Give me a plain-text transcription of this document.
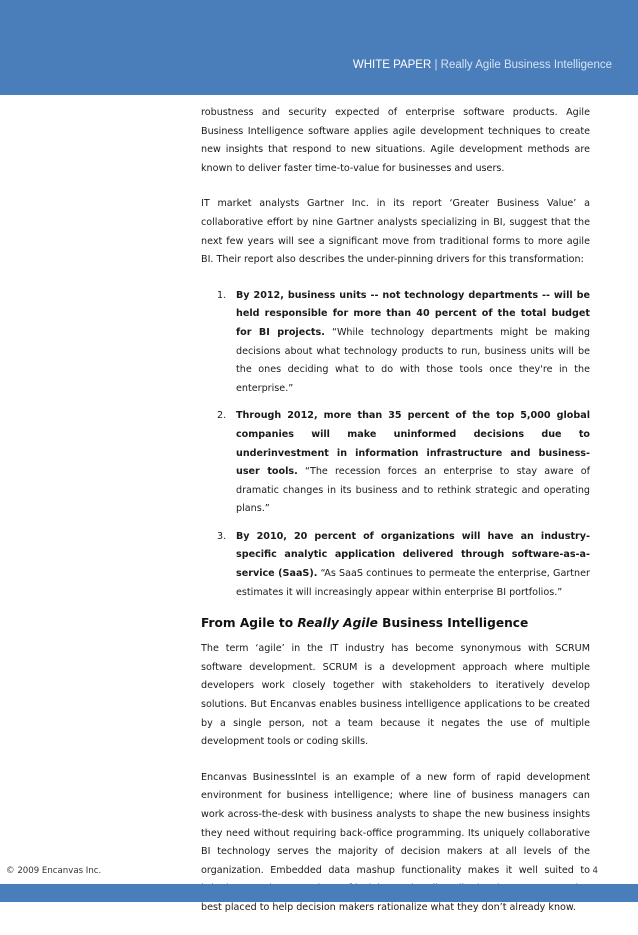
WHITE PAPER | Really Agile Business Intelligence

robustness and security expected of enterprise software products. Agile Business Intelligence software applies agile development techniques to create new insights that respond to new situations. Agile development methods are known to deliver faster time-to-value for businesses and users.

IT market analysts Gartner Inc. in its report ‘Greater Business Value’ a collaborative effort by nine Gartner analysts specializing in BI, suggest that the next few years will see a significant move from traditional forms to more agile BI. Their report also describes the under-pinning drivers for this transformation:

1. By 2012, business units -- not technology departments -- will be held responsible for more than 40 percent of the total budget for BI projects. “While technology departments might be making decisions about what technology products to run, business units will be the ones deciding what to do with those tools once they're in the enterprise.”
2. Through 2012, more than 35 percent of the top 5,000 global companies will make uninformed decisions due to underinvestment in information infrastructure and business-user tools. “The recession forces an enterprise to stay aware of dramatic changes in its business and to rethink strategic and operating plans.”
3. By 2010, 20 percent of organizations will have an industry-specific analytic application delivered through software-as-a-service (SaaS). “As SaaS continues to permeate the enterprise, Gartner estimates it will increasingly appear within enterprise BI portfolios.”
From Agile to Really Agile Business Intelligence

The term ‘agile’ in the IT industry has become synonymous with SCRUM software development. SCRUM is a development approach where multiple developers work closely together with stakeholders to iteratively develop solutions. But Encanvas enables business intelligence applications to be created by a single person, not a team because it negates the use of multiple development tools or coding skills.

Encanvas BusinessIntel is an example of a new form of rapid development environment for business intelligence; where line of business managers can work across-the-desk with business analysts to shape the new business insights they need without requiring back-office programming. Its uniquely collaborative BI technology serves the majority of decision makers at all levels of the organization. Embedded data mashup functionality makes it well suited to best placed to help decision makers rationalize what they don’t already know.

© 2009 Encanvas Inc.	4
